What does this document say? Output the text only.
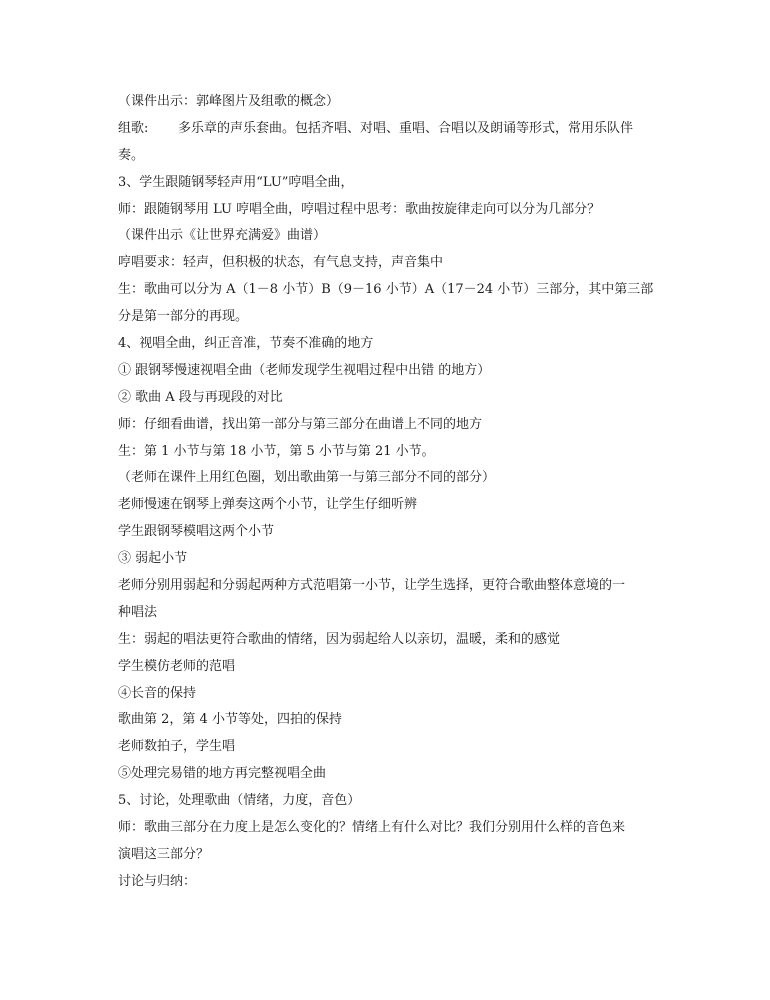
（课件出示：郭峰图片及组歌的概念）
组歌: 多乐章的声乐套曲。包括齐唱、对唱、重唱、合唱以及朗诵等形式，常用乐队伴
奏。
3、学生跟随钢琴轻声用“LU”哼唱全曲，
师：跟随钢琴用 LU 哼唱全曲，哼唱过程中思考：歌曲按旋律走向可以分为几部分？
（课件出示《让世界充满爱》曲谱）
哼唱要求：轻声，但积极的状态，有气息支持，声音集中
生：歌曲可以分为 A（1－8 小节）B（9－16 小节）A（17－24 小节）三部分，其中第三部
分是第一部分的再现。
4、视唱全曲，纠正音准，节奏不准确的地方
① 跟钢琴慢速视唱全曲（老师发现学生视唱过程中出错 的地方）
② 歌曲 A 段与再现段的对比
师：仔细看曲谱，找出第一部分与第三部分在曲谱上不同的地方
生：第 1 小节与第 18 小节，第 5 小节与第 21 小节。
（老师在课件上用红色圈，划出歌曲第一与第三部分不同的部分）
老师慢速在钢琴上弹奏这两个小节，让学生仔细听辨
学生跟钢琴模唱这两个小节
③ 弱起小节
老师分别用弱起和分弱起两种方式范唱第一小节，让学生选择，更符合歌曲整体意境的一
种唱法
生：弱起的唱法更符合歌曲的情绪，因为弱起给人以亲切，温暖，柔和的感觉
学生模仿老师的范唱
④长音的保持
歌曲第 2，第 4 小节等处，四拍的保持
老师数拍子，学生唱
⑤处理完易错的地方再完整视唱全曲
5、讨论，处理歌曲（情绪，力度，音色）
师：歌曲三部分在力度上是怎么变化的？情绪上有什么对比？我们分别用什么样的音色来
演唱这三部分？
讨论与归纳：
